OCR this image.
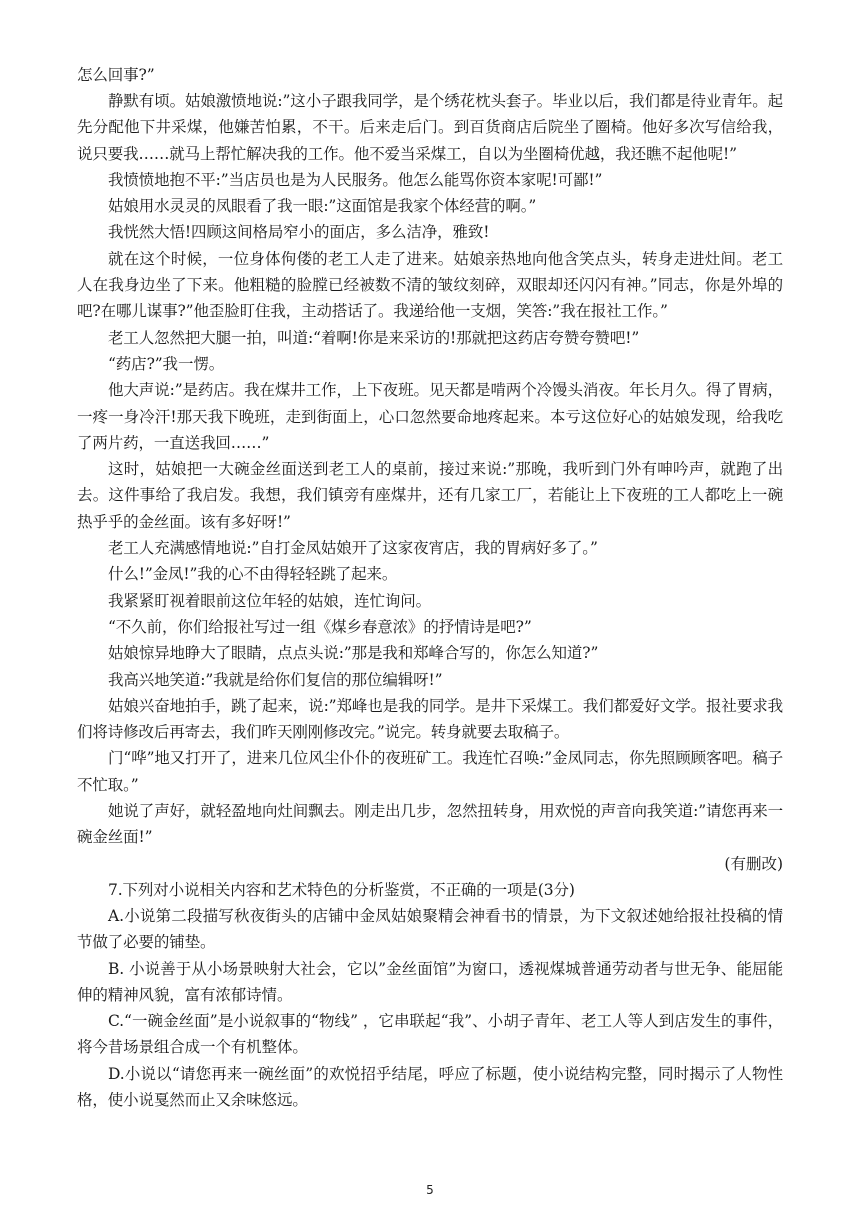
怎么回事?”

静默有顷。姑娘激愤地说:”这小子跟我同学，是个绣花枕头套子。毕业以后，我们都是待业青年。起先分配他下井采煤，他嫌苦怕累，不干。后来走后门。到百货商店后院坐了圈椅。他好多次写信给我，说只要我……就马上帮忙解决我的工作。他不爱当采煤工，自以为坐圈椅优越，我还瞧不起他呢!”

我愤愤地抱不平:”当店员也是为人民服务。他怎么能骂你资本家呢!可鄙!”

姑娘用水灵灵的凤眼看了我一眼:”这面馆是我家个体经营的啊。”

我恍然大悟!四顾这间格局窄小的面店，多么洁净，雅致!

就在这个时候，一位身体佝偻的老工人走了进来。姑娘亲热地向他含笑点头，转身走进灶间。老工人在我身边坐了下来。他粗糙的脸膛已经被数不清的皱纹刻碎，双眼却还闪闪有神。”同志，你是外埠的吧?在哪儿谋事?”他歪脸盯住我，主动搭话了。我递给他一支烟，笑答:”我在报社工作。”

老工人忽然把大腿一拍，叫道:“着啊!你是来采访的!那就把这药店夸赞夸赞吧!”

“药店?”我一愣。

他大声说:”是药店。我在煤井工作，上下夜班。见天都是啃两个冷馒头消夜。年长月久。得了胃病，一疼一身冷汗!那天我下晚班，走到街面上，心口忽然要命地疼起来。本亏这位好心的姑娘发现，给我吃了两片药，一直送我回……”

这时，姑娘把一大碗金丝面送到老工人的桌前，接过来说:”那晚，我听到门外有呻吟声，就跑了出去。这件事给了我启发。我想，我们镇旁有座煤井，还有几家工厂，若能让上下夜班的工人都吃上一碗热乎乎的金丝面。该有多好呀!”

老工人充满感情地说:”自打金凤姑娘开了这家夜宵店，我的胃病好多了。”

什么!”金凤!”我的心不由得轻轻跳了起来。

我紧紧盯视着眼前这位年轻的姑娘，连忙询问。

“不久前，你们给报社写过一组《煤乡春意浓》的抒情诗是吧?”

姑娘惊异地睁大了眼睛，点点头说:”那是我和郑峰合写的，你怎么知道?”

我高兴地笑道:”我就是给你们复信的那位编辑呀!”

姑娘兴奋地拍手，跳了起来，说:”郑峰也是我的同学。是井下采煤工。我们都爱好文学。报社要求我们将诗修改后再寄去，我们昨天刚刚修改完。”说完。转身就要去取稿子。

门“哗”地又打开了，进来几位风尘仆仆的夜班矿工。我连忙召唤:”金凤同志，你先照顾顾客吧。稿子不忙取。”

她说了声好，就轻盈地向灶间飘去。刚走出几步，忽然扭转身，用欢悦的声音向我笑道:”请您再来一碗金丝面!”

(有删改)

7.下列对小说相关内容和艺术特色的分析鉴赏，不正确的一项是(3分)

A.小说第二段描写秋夜街头的店铺中金凤姑娘聚精会神看书的情景，为下文叙述她给报社投稿的情节做了必要的铺垫。

B. 小说善于从小场景映射大社会，它以”金丝面馆”为窗口，透视煤城普通劳动者与世无争、能屈能伸的精神风貌，富有浓郁诗情。

C.“一碗金丝面”是小说叙事的“物线” ，它串联起“我”、小胡子青年、老工人等人到店发生的事件，将今昔场景组合成一个有机整体。

D.小说以“请您再来一碗丝面”的欢悦招乎结尾，呼应了标题，使小说结构完整，同时揭示了人物性格，使小说戛然而止又余味悠远。

5
